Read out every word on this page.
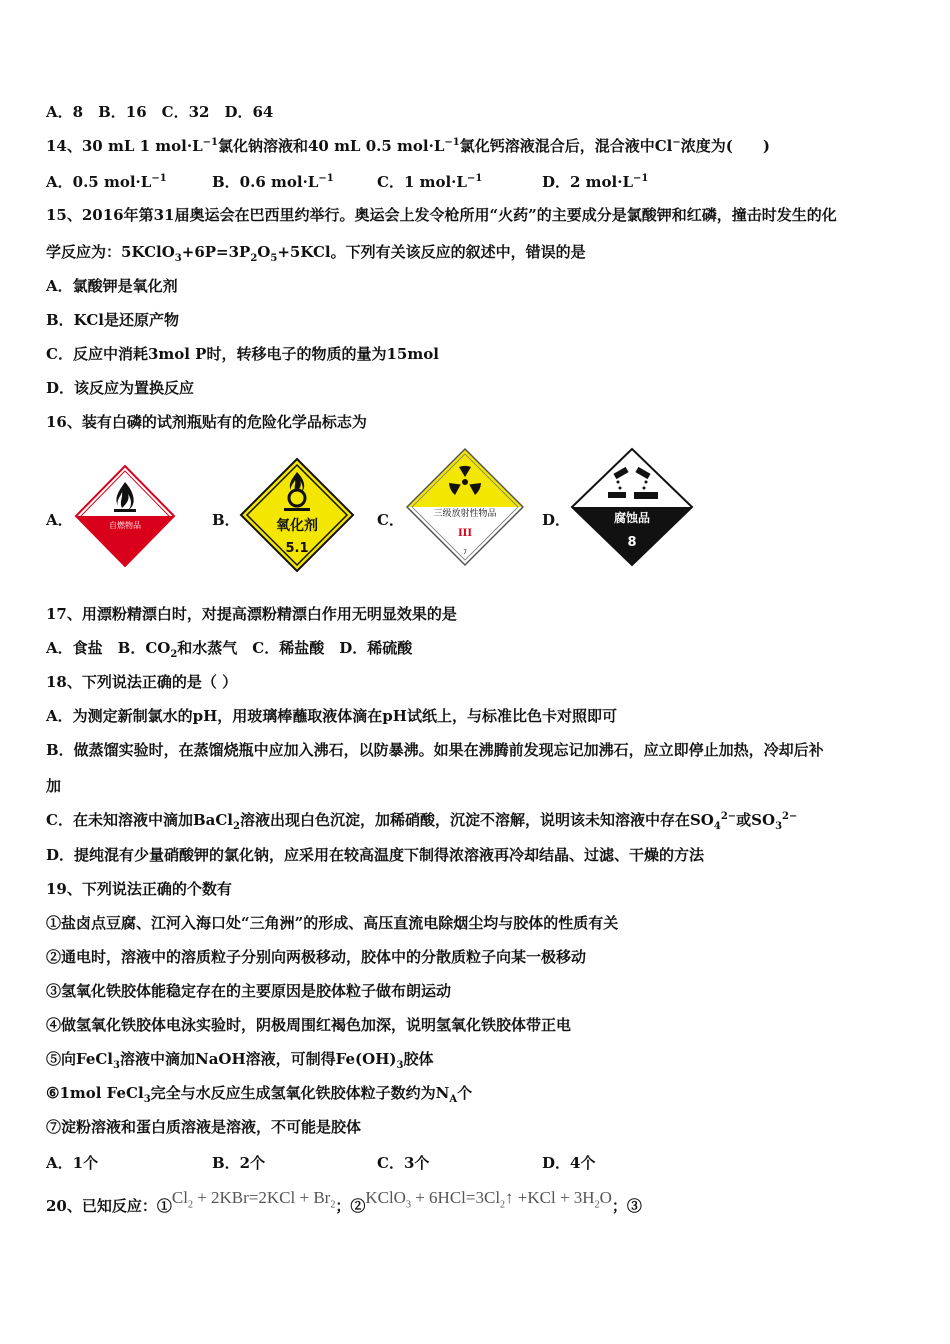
A．8　B．16　C．32　D．64
14、30 mL 1 $mol\cdot L^{-1}$氯化钠溶液和40 mL 0.5 $mol\cdot L^{-1}$氯化钙溶液混合后，混合液中Cl−浓度为(　　)
A．0.5 $mol\cdot L^{-1}$	B．0.6 $mol\cdot L^{-1}$	C．1 $mol\cdot L^{-1}$	D．2 $mol\cdot L^{-1}$
15、2016年第31届奥运会在巴西里约举行。奥运会上发令枪所用“火药”的主要成分是氯酸钾和红磷，撞击时发生的化
学反应为：$5KClO_3+6P=3P_2O_5+5KCl$。下列有关该反应的叙述中，错误的是
A．氯酸钾是氧化剂
B．KCl是还原产物
C．反应中消耗3mol P时，转移电子的物质的量为15mol
D．该反应为置换反应
16、装有白磷的试剂瓶贴有的危险化学品标志为
A．	B．	C．	D．
自燃物品	氧化剂
5.1
三级放射性物品
III
7
腐蚀品
8
17、用漂粉精漂白时，对提高漂粉精漂白作用无明显效果的是
A．食盐　B．$CO_2$和水蒸气　C．稀盐酸　D．稀硫酸
18、下列说法正确的是（ ）
A．为测定新制氯水的pH，用玻璃棒蘸取液体滴在pH试纸上，与标准比色卡对照即可
B．做蒸馏实验时，在蒸馏烧瓶中应加入沸石，以防暴沸。如果在沸腾前发现忘记加沸石，应立即停止加热，冷却后补
加
C．在未知溶液中滴加BaCl$_2$溶液出现白色沉淀，加稀硝酸，沉淀不溶解，说明该未知溶液中存在$SO_4^{2-}$或$SO_3^{2-}$
D．提纯混有少量硝酸钾的氯化钠，应采用在较高温度下制得浓溶液再冷却结晶、过滤、干燥的方法
19、下列说法正确的个数有
①盐卤点豆腐、江河入海口处“三角洲”的形成、高压直流电除烟尘均与胶体的性质有关
②通电时，溶液中的溶质粒子分别向两极移动，胶体中的分散质粒子向某一极移动
③氢氧化铁胶体能稳定存在的主要原因是胶体粒子做布朗运动
④做氢氧化铁胶体电泳实验时，阴极周围红褐色加深，说明氢氧化铁胶体带正电
⑤向FeCl$_3$溶液中滴加NaOH溶液，可制得$Fe(OH)_3$胶体
⑥1mol FeCl$_3$完全与水反应生成氢氧化铁胶体粒子数约为$N_A$个
⑦淀粉溶液和蛋白质溶液是溶液，不可能是胶体
A．1个	B．2个	C．3个	D．4个
20、已知反应：$①Cl_2 + 2KBr=2KCl + Br_2$；②KClO$_3$ + $6HCl=3Cl_2↑ +KCl + 3H_2O$；③
